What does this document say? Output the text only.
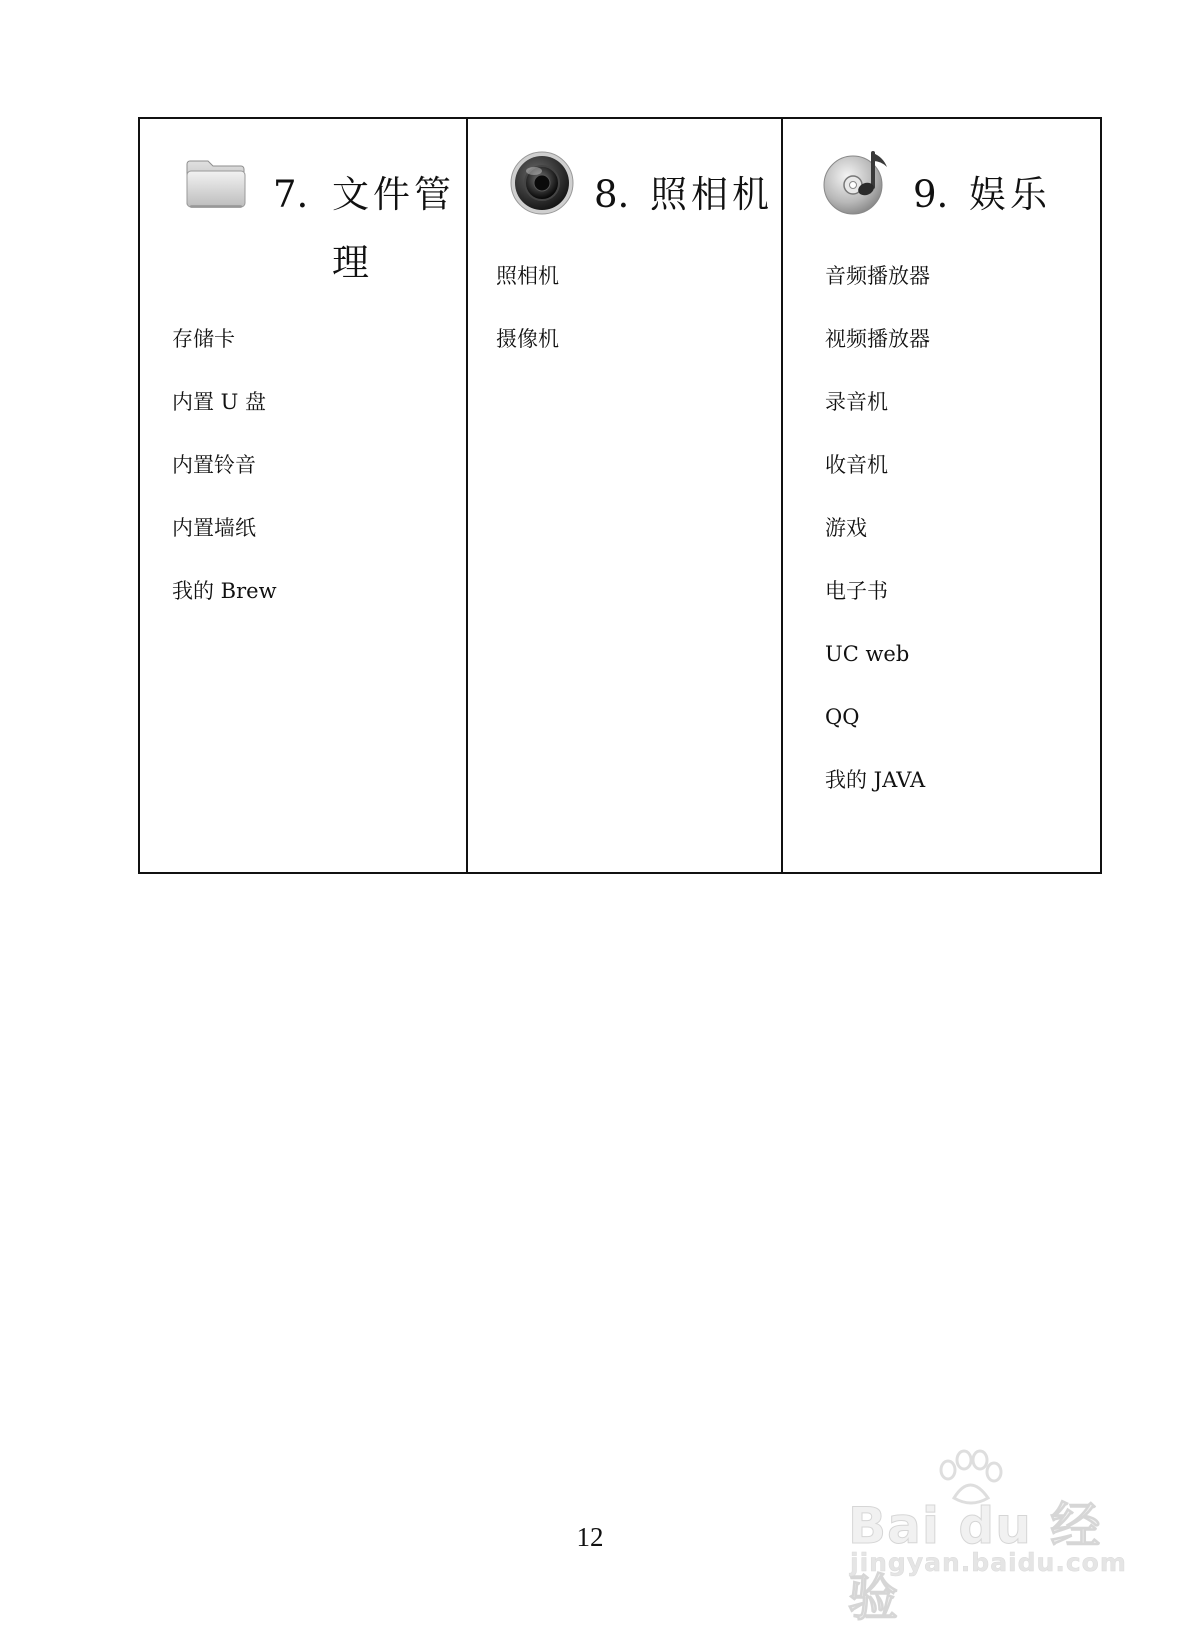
7. 文件管
理
存储卡
内置 U 盘
内置铃音
内置墙纸
我的 Brew
8. 照相机
照相机
摄像机
9. 娱乐
音频播放器
视频播放器
录音机
收音机
游戏
电子书
UC web
QQ
我的 JAVA
12	Bai du 经验
jingyan.baidu.com
